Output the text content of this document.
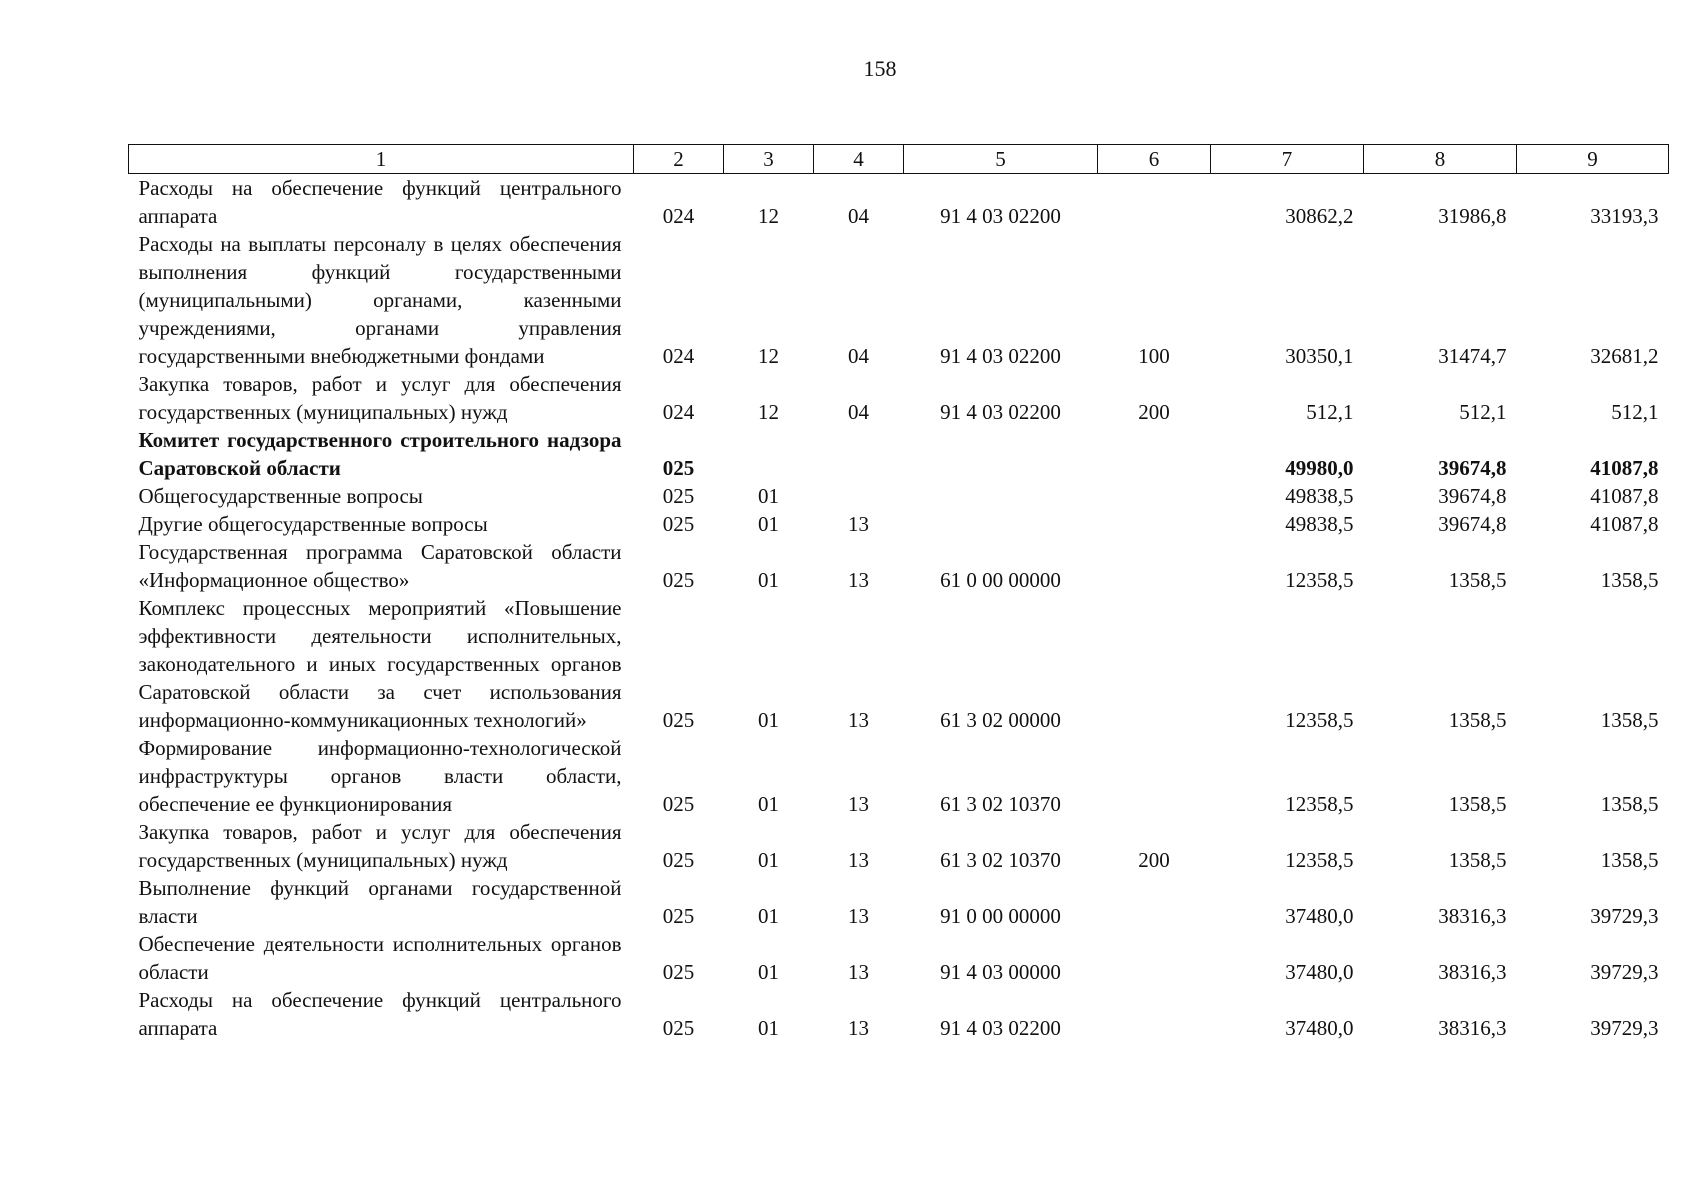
158
1	2	3	4	5	6	7	8	9
Расходы на обеспечение функций центрального аппарата	024	12	04	91 4 03 02200		30862,2	31986,8	33193,3
Расходы на выплаты персоналу в целях обеспечения выполнения функций государственными (муниципальными) органами, казенными учреждениями, органами управления государственными внебюджетными фондами	024	12	04	91 4 03 02200	100	30350,1	31474,7	32681,2
Закупка товаров, работ и услуг для обеспечения государственных (муниципальных) нужд	024	12	04	91 4 03 02200	200	512,1	512,1	512,1
Комитет государственного строительного надзора Саратовской области	025					49980,0	39674,8	41087,8
Общегосударственные вопросы	025	01				49838,5	39674,8	41087,8
Другие общегосударственные вопросы	025	01	13			49838,5	39674,8	41087,8
Государственная программа Саратовской области «Информационное общество»	025	01	13	61 0 00 00000		12358,5	1358,5	1358,5
Комплекс процессных мероприятий «Повышение эффективности деятельности исполнительных, законодательного и иных государственных органов Саратовской области за счет использования информационно-коммуникационных технологий»	025	01	13	61 3 02 00000		12358,5	1358,5	1358,5
Формирование информационно-технологической инфраструктуры органов власти области, обеспечение ее функционирования	025	01	13	61 3 02 10370		12358,5	1358,5	1358,5
Закупка товаров, работ и услуг для обеспечения государственных (муниципальных) нужд	025	01	13	61 3 02 10370	200	12358,5	1358,5	1358,5
Выполнение функций органами государственной власти	025	01	13	91 0 00 00000		37480,0	38316,3	39729,3
Обеспечение деятельности исполнительных органов области	025	01	13	91 4 03 00000		37480,0	38316,3	39729,3
Расходы на обеспечение функций центрального аппарата	025	01	13	91 4 03 02200		37480,0	38316,3	39729,3
